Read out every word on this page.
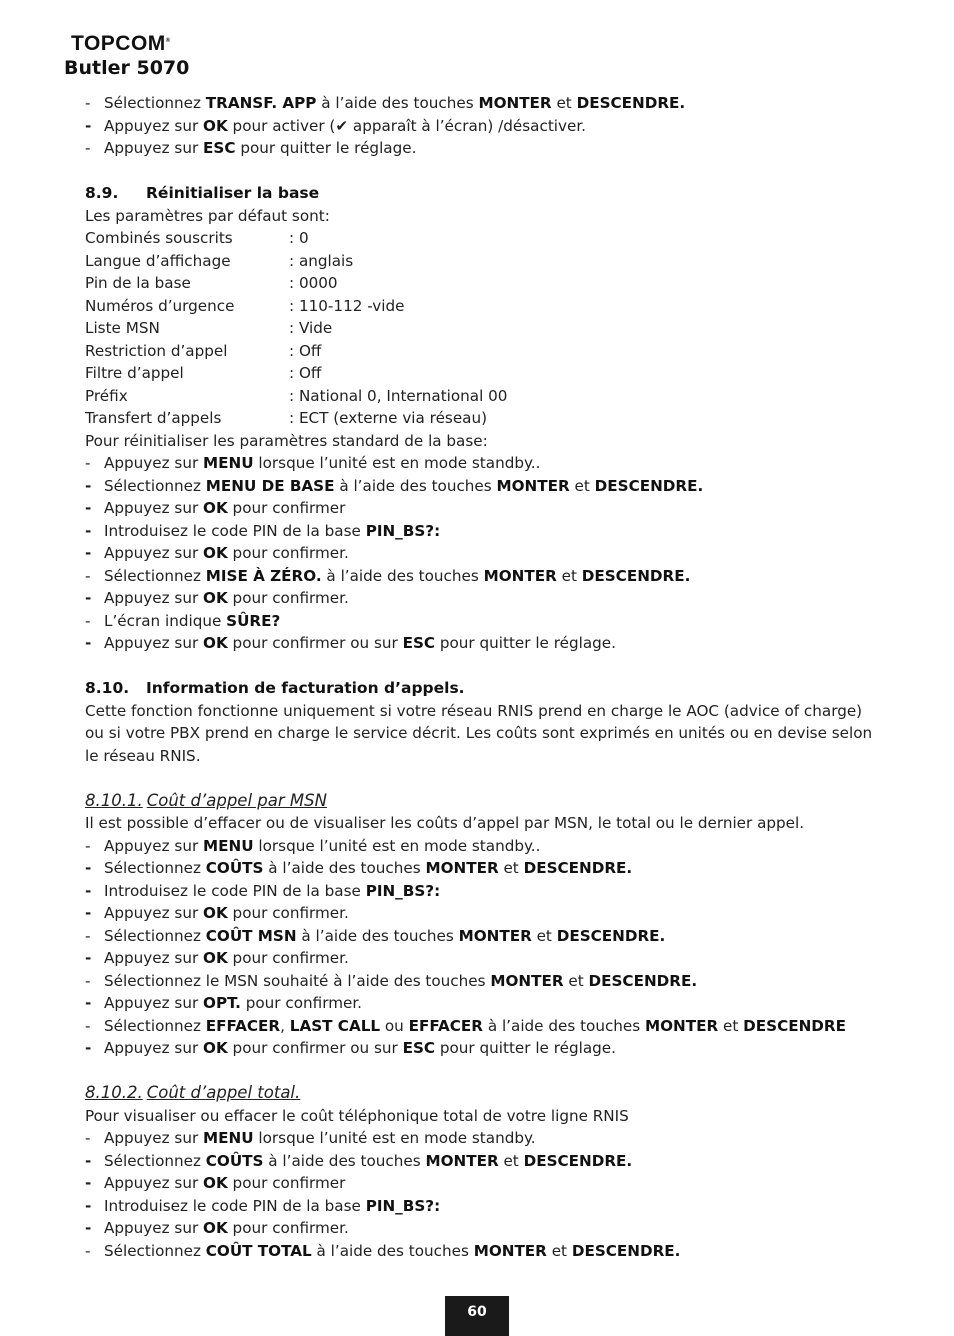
TOPCOM®
Butler 5070
- Sélectionnez TRANSF. APP à l’aide des touches MONTER et DESCENDRE.
- Appuyez sur OK pour activer (✔ apparaît à l’écran) /désactiver.
- Appuyez sur ESC pour quitter le réglage.
8.9. Réinitialiser la base
Les paramètres par défaut sont:
Combinés souscrits	: 0
Langue d’affichage	: anglais
Pin de la base	: 0000
Numéros d’urgence	: 110-112 -vide
Liste MSN	: Vide
Restriction d’appel	: Off
Filtre d’appel	: Off
Préfix	: National 0, International 00
Transfert d’appels	: ECT (externe via réseau)
Pour réinitialiser les paramètres standard de la base:
- Appuyez sur MENU lorsque l’unité est en mode standby..
- Sélectionnez MENU DE BASE à l’aide des touches MONTER et DESCENDRE.
- Appuyez sur OK pour confirmer
- Introduisez le code PIN de la base PIN_BS?:
- Appuyez sur OK pour confirmer.
- Sélectionnez MISE À ZÉRO. à l’aide des touches MONTER et DESCENDRE.
- Appuyez sur OK pour confirmer.
- L’écran indique SÛRE?
- Appuyez sur OK pour confirmer ou sur ESC pour quitter le réglage.
8.10. Information de facturation d’appels.
Cette fonction fonctionne uniquement si votre réseau RNIS prend en charge le AOC (advice of charge) ou si votre PBX prend en charge le service décrit. Les coûts sont exprimés en unités ou en devise selon le réseau RNIS.
8.10.1. Coût d’appel par MSN
Il est possible d’effacer ou de visualiser les coûts d’appel par MSN, le total ou le dernier appel.
- Appuyez sur MENU lorsque l’unité est en mode standby..
- Sélectionnez COÛTS à l’aide des touches MONTER et DESCENDRE.
- Introduisez le code PIN de la base PIN_BS?:
- Appuyez sur OK pour confirmer.
- Sélectionnez COÛT MSN à l’aide des touches MONTER et DESCENDRE.
- Appuyez sur OK pour confirmer.
- Sélectionnez le MSN souhaité à l’aide des touches MONTER et DESCENDRE.
- Appuyez sur OPT. pour confirmer.
- Sélectionnez EFFACER, LAST CALL ou EFFACER à l’aide des touches MONTER et DESCENDRE
- Appuyez sur OK pour confirmer ou sur ESC pour quitter le réglage.
8.10.2. Coût d’appel total.
Pour visualiser ou effacer le coût téléphonique total de votre ligne RNIS
- Appuyez sur MENU lorsque l’unité est en mode standby.
- Sélectionnez COÛTS à l’aide des touches MONTER et DESCENDRE.
- Appuyez sur OK pour confirmer
- Introduisez le code PIN de la base PIN_BS?:
- Appuyez sur OK pour confirmer.
- Sélectionnez COÛT TOTAL à l’aide des touches MONTER et DESCENDRE.
60
